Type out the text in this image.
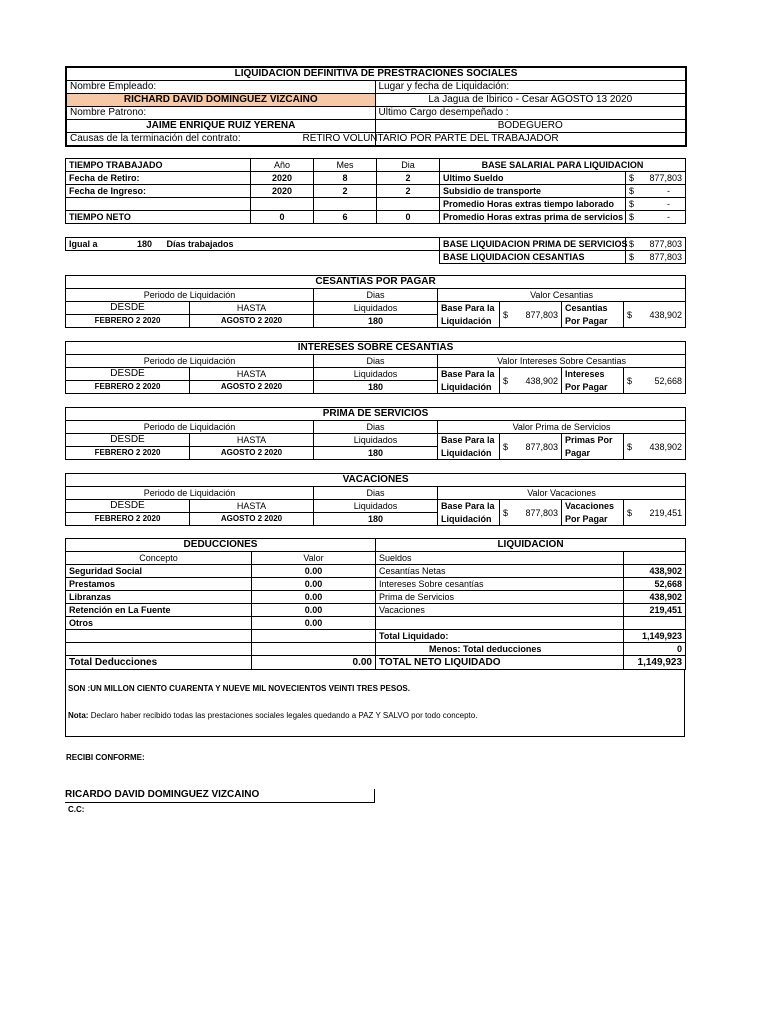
LIQUIDACION DEFINITIVA DE PRESTRACIONES SOCIALES	
Nombre Empleado:	Lugar y fecha de Liquidación:
RICHARD DAVID DOMINGUEZ VIZCAINO	La Jagua de Ibirico - Cesar AGOSTO 13 2020
Nombre Patrono:	Ultimo Cargo desempeñado :
JAIME ENRIQUE RUIZ YERENA	BODEGUERO
Causas de la terminación del contrato:	RETIRO VOLUNTARIO POR PARTE DEL TRABAJADOR
TIEMPO TRABAJADO	Año	Mes	Dia	BASE SALARIAL PARA LIQUIDACION	
Fecha de Retiro:	2020	8	2	Ultimo Sueldo	$ 877,803

Fecha de Ingreso:	2020	2	2	Subsidio de transporte	$ -

				Promedio Horas extras tiempo laborado	$ -

TIEMPO NETO	0	6	0	Promedio Horas extras prima de servicios	$ -
Igual a	180	Días trabajados	BASE LIQUIDACION PRIMA DE SERVICIOS	$ 877,803

			BASE LIQUIDACION CESANTIAS	$ 877,803
CESANTIAS POR PAGAR						
Periodo de Liquidación		Dias	Valor Cesantias			
DESDE	HASTA	Liquidados	Base Para la	$ 877,803	Cesantias	$ 438,902

FEBRERO 2 2020	AGOSTO 2 2020	180	Liquidación		Por Pagar	
INTERESES SOBRE CESANTIAS						
Periodo de Liquidación		Dias	Valor Intereses Sobre Cesantias			
DESDE	HASTA	Liquidados	Base Para la	$ 438,902	Intereses	$ 52,668

FEBRERO 2 2020	AGOSTO 2 2020	180	Liquidación		Por Pagar	
PRIMA DE SERVICIOS						
Periodo de Liquidación		Dias	Valor Prima de Servicios			
DESDE	HASTA	Liquidados	Base Para la	$ 877,803	Primas Por	$ 438,902

FEBRERO 2 2020	AGOSTO 2 2020	180	Liquidación		Pagar	
VACACIONES						
Periodo de Liquidación		Dias	Valor Vacaciones			
DESDE	HASTA	Liquidados	Base Para la	$ 877,803	Vacaciones	$ 219,451

FEBRERO 2 2020	AGOSTO 2 2020	180	Liquidación		Por Pagar	
DEDUCCIONES		LIQUIDACION	
Concepto	Valor	Sueldos	
Seguridad Social	0.00	Cesantías Netas	438,902
Prestamos	0.00	Intereses Sobre cesantías	52,668
Libranzas	0.00	Prima de Servicios	438,902
Retención en La Fuente	0.00	Vacaciones	219,451
Otros	0.00		
		Total Liquidado:	1,149,923
		Menos: Total deducciones	0
Total Deducciones	0.00	TOTAL NETO LIQUIDADO	1,149,923
SON :UN MILLON CIENTO CUARENTA Y NUEVE MIL NOVECIENTOS VEINTI TRES PESOS.
Nota: Declaro haber recibido todas las prestaciones sociales legales quedando a PAZ Y SALVO por todo concepto.
RECIBI CONFORME:
RICARDO DAVID DOMINGUEZ VIZCAINO
C.C:
